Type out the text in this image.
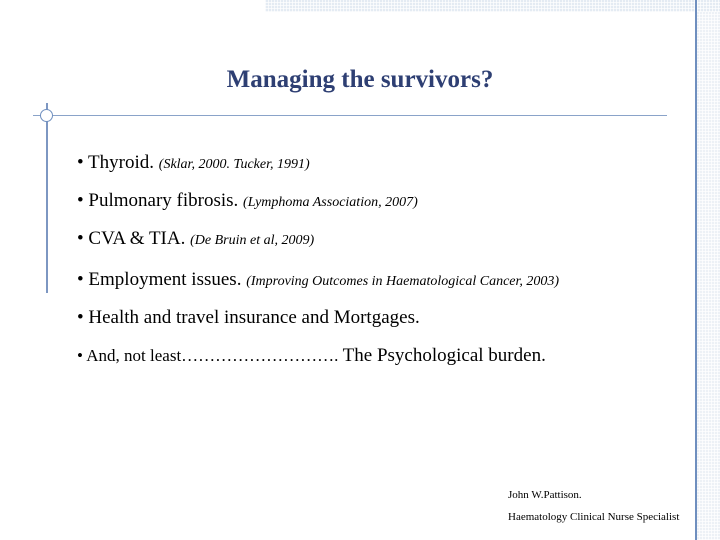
Managing the survivors?
• Thyroid. (Sklar, 2000. Tucker, 1991)
• Pulmonary fibrosis. (Lymphoma Association, 2007)
• CVA & TIA. (De Bruin et al, 2009)
• Employment issues. (Improving Outcomes in Haematological Cancer, 2003)
• Health and travel insurance and Mortgages.
• And, not least………………………. The Psychological burden.
John W.Pattison.
Haematology Clinical Nurse Specialist
